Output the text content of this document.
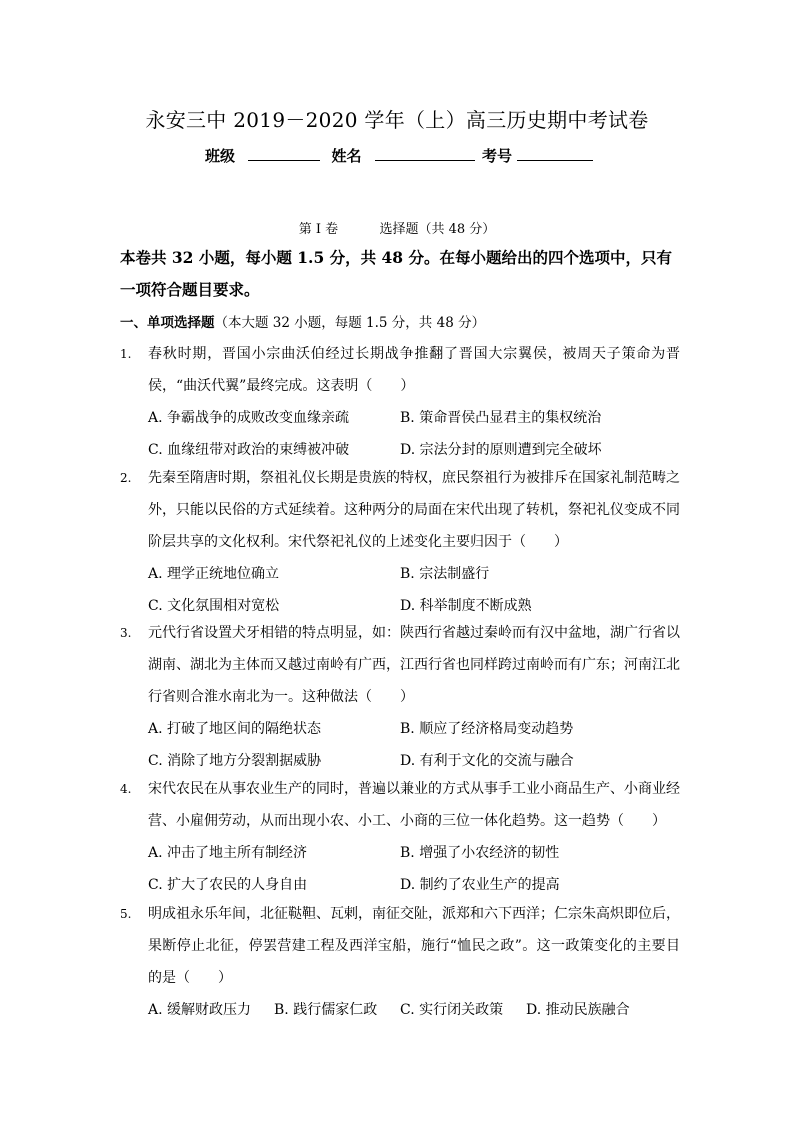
永安三中 2019－2020 学年（上）高三历史期中考试卷
班级	姓名	考号
第 I 卷          选择题（共 48 分）
本卷共 32 小题，每小题 1.5 分，共 48 分。在每小题给出的四个选项中，只有一项符合题目要求。
一、单项选择题（本大题 32 小题，每题 1.5 分，共 48 分）
1. 春秋时期，晋国小宗曲沃伯经过长期战争推翻了晋国大宗翼侯，被周天子策命为晋侯，“曲沃代翼”最终完成。这表明（　　）
A. 争霸战争的成败改变血缘亲疏	B. 策命晋侯凸显君主的集权统治
C. 血缘纽带对政治的束缚被冲破	D. 宗法分封的原则遭到完全破坏
2. 先秦至隋唐时期，祭祖礼仪长期是贵族的特权，庶民祭祖行为被排斥在国家礼制范畴之外，只能以民俗的方式延续着。这种两分的局面在宋代出现了转机，祭祀礼仪变成不同阶层共享的文化权利。宋代祭祀礼仪的上述变化主要归因于（　　）
A. 理学正统地位确立	B. 宗法制盛行
C. 文化氛围相对宽松	D. 科举制度不断成熟
3. 元代行省设置犬牙相错的特点明显，如：陕西行省越过秦岭而有汉中盆地，湖广行省以湖南、湖北为主体而又越过南岭有广西，江西行省也同样跨过南岭而有广东；河南江北行省则合淮水南北为一。这种做法（　　）
A. 打破了地区间的隔绝状态	B. 顺应了经济格局变动趋势
C. 消除了地方分裂割据威胁	D. 有利于文化的交流与融合
4. 宋代农民在从事农业生产的同时，普遍以兼业的方式从事手工业小商品生产、小商业经营、小雇佣劳动，从而出现小农、小工、小商的三位一体化趋势。这一趋势（　　）
A. 冲击了地主所有制经济	B. 增强了小农经济的韧性
C. 扩大了农民的人身自由	D. 制约了农业生产的提高
5. 明成祖永乐年间，北征鞑靼、瓦剌，南征交阯，派郑和六下西洋；仁宗朱高炽即位后，果断停止北征，停罢营建工程及西洋宝船，施行“恤民之政”。这一政策变化的主要目的是（　　）
A. 缓解财政压力 B. 践行儒家仁政 C. 实行闭关政策 D. 推动民族融合
